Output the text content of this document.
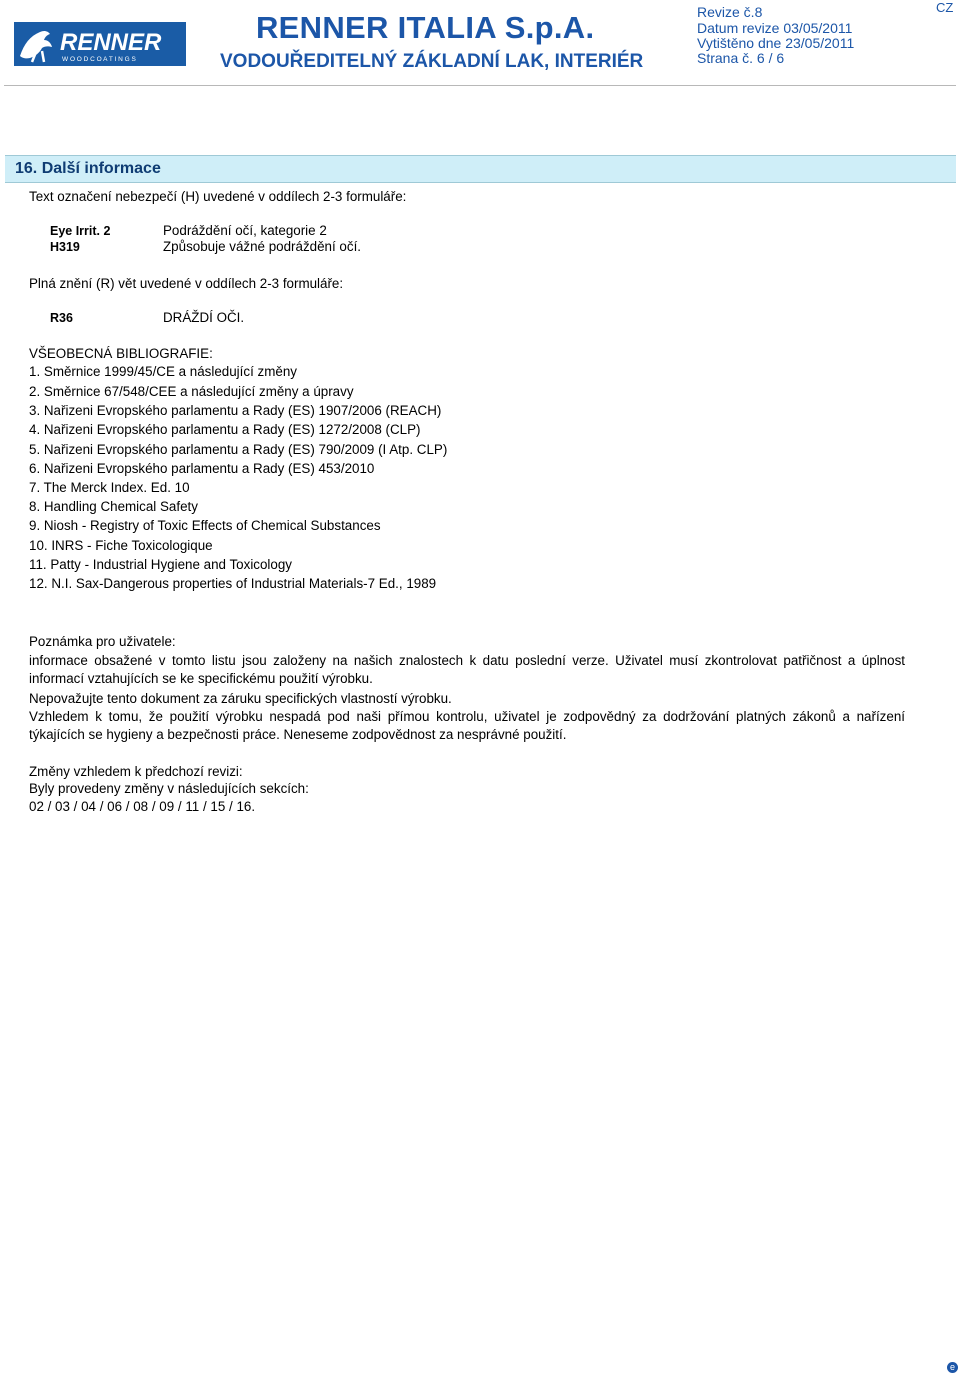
RENNER
W O O D C O A T I N G S
RENNER ITALIA S.p.A.
VODOUŘEDITELNÝ ZÁKLADNÍ LAK, INTERIÉR
Revize č.8
Datum revize 03/05/2011
Vytištěno dne 23/05/2011
Strana č. 6 / 6
CZ
16. Další informace
Text označení nebezpečí (H) uvedené v oddílech 2-3 formuláře:
Eye Irrit. 2	Podráždění očí, kategorie 2
H319	Způsobuje vážné podráždění očí.
Plná znění (R) vět uvedené v oddílech 2-3 formuláře:
R36	DRÁŽDÍ OČI.
VŠEOBECNÁ BIBLIOGRAFIE:
1. Směrnice 1999/45/CE a následující změny
2. Směrnice 67/548/CEE a následující změny a úpravy
3. Nařizeni Evropského parlamentu a Rady (ES) 1907/2006 (REACH)
4. Nařizeni Evropského parlamentu a Rady (ES) 1272/2008 (CLP)
5. Nařizeni Evropského parlamentu a Rady (ES) 790/2009 (I Atp. CLP)
6. Nařizeni Evropského parlamentu a Rady (ES) 453/2010
7. The Merck Index. Ed. 10
8. Handling Chemical Safety
9. Niosh - Registry of Toxic Effects of Chemical Substances
10. INRS - Fiche Toxicologique
11. Patty - Industrial Hygiene and Toxicology
12. N.I. Sax-Dangerous properties of Industrial Materials-7 Ed., 1989
Poznámka pro uživatele:
informace obsažené v tomto listu jsou založeny na našich znalostech k datu poslední verze. Uživatel musí zkontrolovat patřičnost a úplnost informací vztahujících se ke specifickému použití výrobku.
Nepovažujte tento dokument za záruku specifických vlastností výrobku.
Vzhledem k tomu, že použití výrobku nespadá pod naši přímou kontrolu, uživatel je zodpovědný za dodržování platných zákonů a nařízení týkajících se hygieny a bezpečnosti práce. Neneseme zodpovědnost za nesprávné použití.
Změny vzhledem k předchozí revizi:
Byly provedeny změny v následujících sekcích:
02 / 03 / 04 / 06 / 08 / 09 / 11 / 15 / 16.
e
